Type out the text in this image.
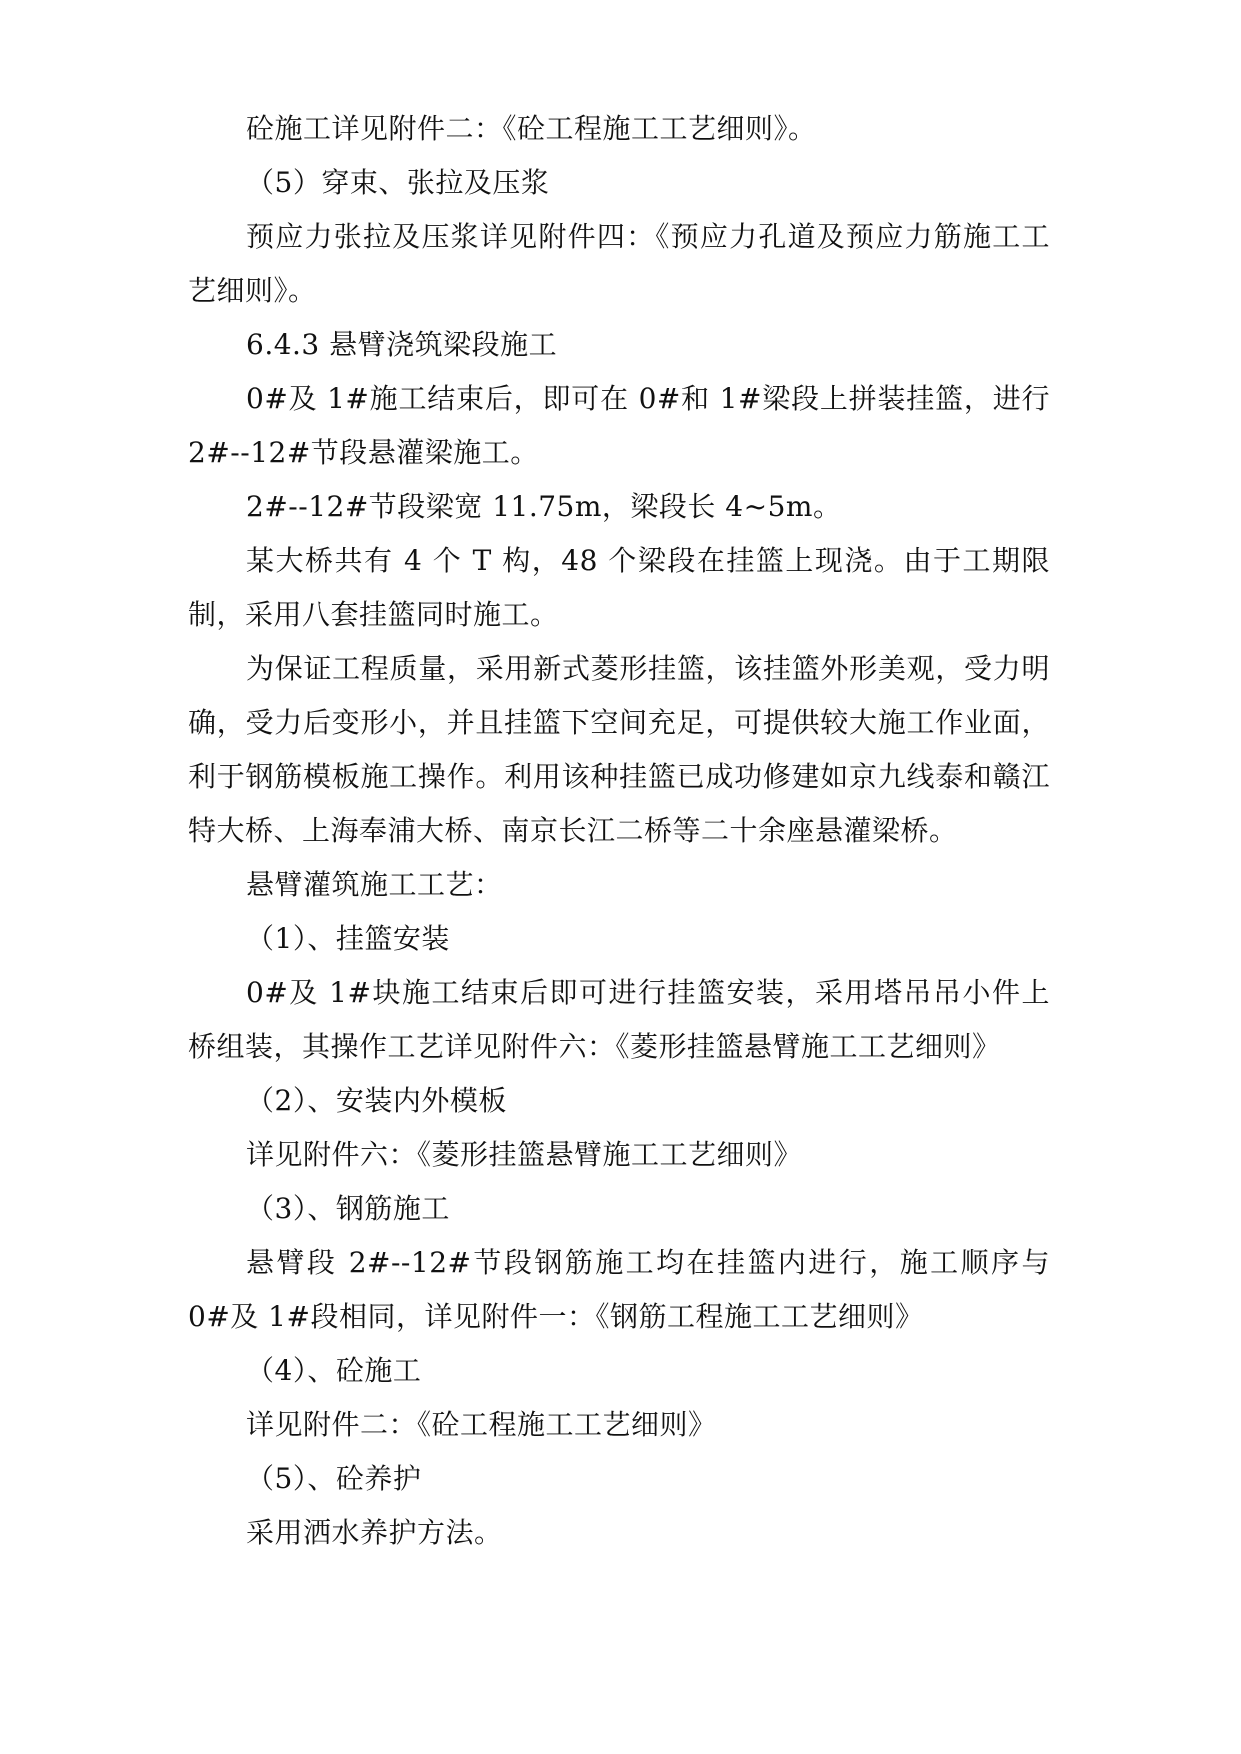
砼施工详见附件二：《砼工程施工工艺细则》。

（5）穿束、张拉及压浆

预应力张拉及压浆详见附件四：《预应力孔道及预应力筋施工工艺细则》。

6.4.3 悬臂浇筑梁段施工

0#及 1#施工结束后，即可在 0#和 1#梁段上拼装挂篮，进行 2#--12#节段悬灌梁施工。

2#--12#节段梁宽 11.75m，梁段长 4~5m。

某大桥共有 4 个 T 构，48 个梁段在挂篮上现浇。由于工期限制，采用八套挂篮同时施工。

为保证工程质量，采用新式菱形挂篮，该挂篮外形美观，受力明确，受力后变形小，并且挂篮下空间充足，可提供较大施工作业面，利于钢筋模板施工操作。利用该种挂篮已成功修建如京九线泰和赣江特大桥、上海奉浦大桥、南京长江二桥等二十余座悬灌梁桥。

悬臂灌筑施工工艺：

（1）、挂篮安装

0#及 1#块施工结束后即可进行挂篮安装，采用塔吊吊小件上桥组装，其操作工艺详见附件六：《菱形挂篮悬臂施工工艺细则》

（2）、安装内外模板

详见附件六：《菱形挂篮悬臂施工工艺细则》

（3）、钢筋施工

悬臂段 2#--12#节段钢筋施工均在挂篮内进行，施工顺序与 0#及 1#段相同，详见附件一：《钢筋工程施工工艺细则》

（4）、砼施工

详见附件二：《砼工程施工工艺细则》

（5）、砼养护

采用洒水养护方法。
